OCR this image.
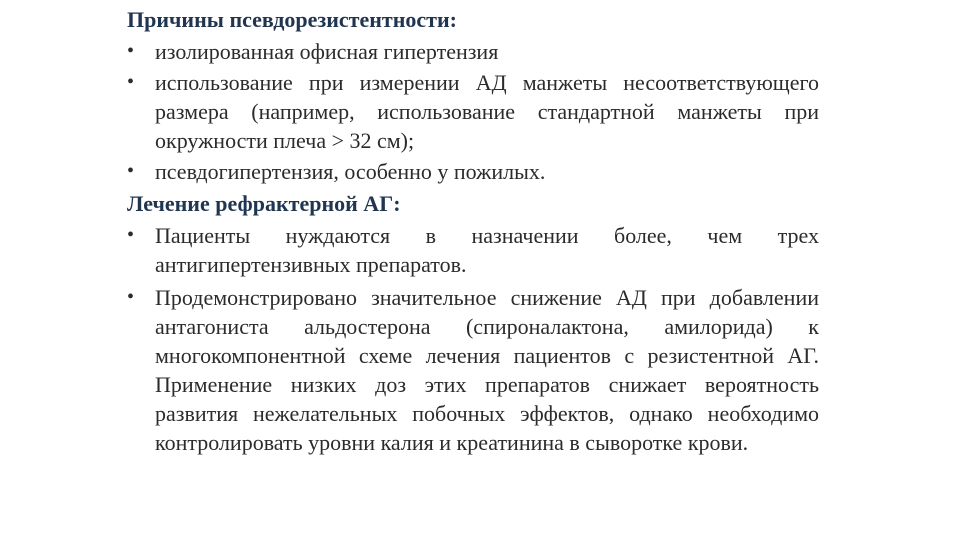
Причины псевдорезистентности:

• изолированная офисная гипертензия
• использование при измерении АД манжеты несоответствующего размера (например, использование стандартной манжеты при окружности плеча > 32 см);
• псевдогипертензия, особенно у пожилых.

Лечение рефрактерной АГ:

• Пациенты нуждаются в назначении более, чем трех антигипертензивных препаратов.
• Продемонстрировано значительное снижение АД при добавлении антагониста альдостерона (спироналактона, амилорида) к многокомпонентной схеме лечения пациентов с резистентной АГ. Применение низких доз этих препаратов снижает вероятность развития нежелательных побочных эффектов, однако необходимо контролировать уровни калия и креатинина в сыворотке крови.
